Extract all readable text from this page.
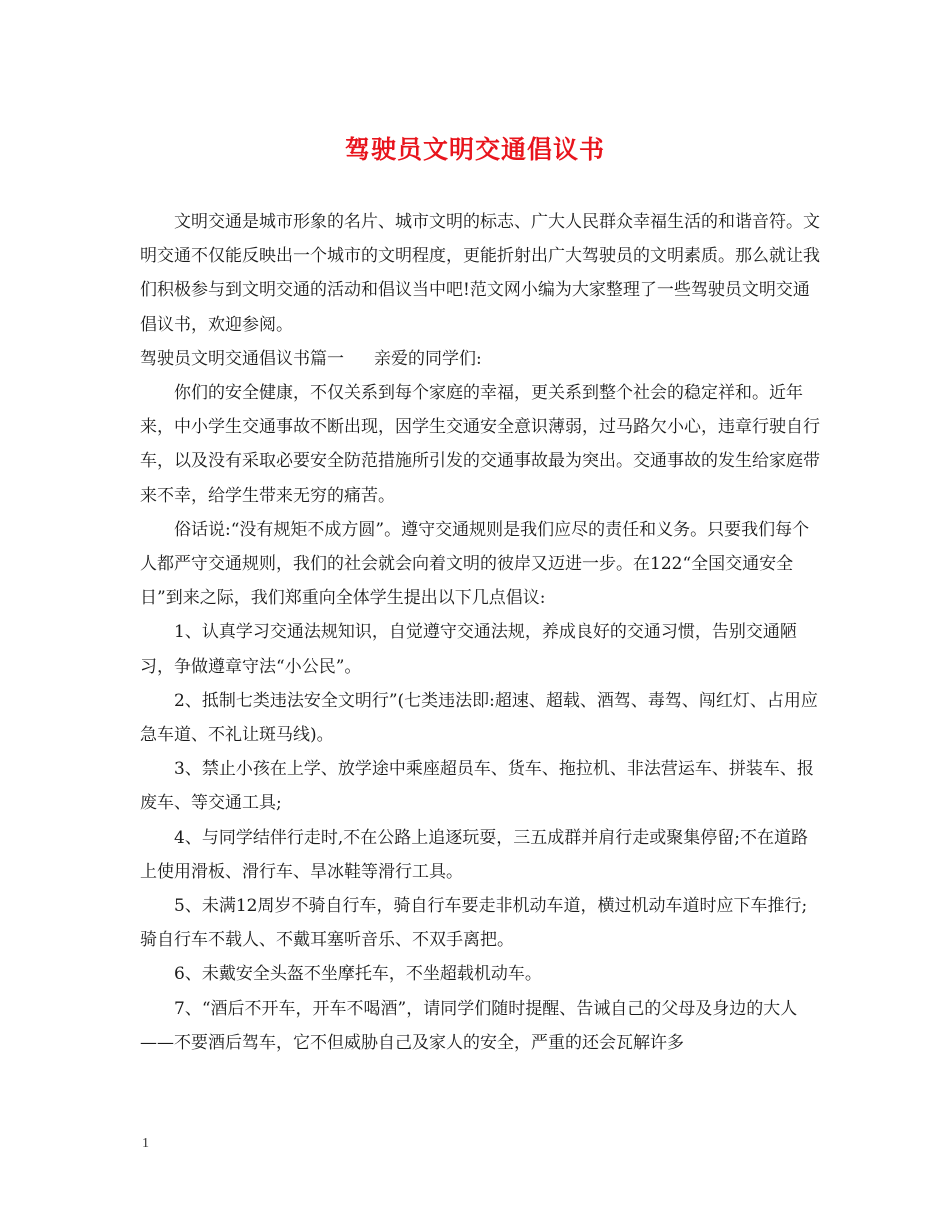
驾驶员文明交通倡议书

文明交通是城市形象的名片、城市文明的标志、广大人民群众幸福生活的和谐音符。文明交通不仅能反映出一个城市的文明程度，更能折射出广大驾驶员的文明素质。那么就让我们积极参与到文明交通的活动和倡议当中吧!范文网小编为大家整理了一些驾驶员文明交通倡议书，欢迎参阅。

驾驶员文明交通倡议书篇一 亲爱的同学们:

你们的安全健康，不仅关系到每个家庭的幸福，更关系到整个社会的稳定祥和。近年来，中小学生交通事故不断出现，因学生交通安全意识薄弱，过马路欠小心，违章行驶自行车，以及没有采取必要安全防范措施所引发的交通事故最为突出。交通事故的发生给家庭带来不幸，给学生带来无穷的痛苦。

俗话说:“没有规矩不成方圆”。遵守交通规则是我们应尽的责任和义务。只要我们每个人都严守交通规则，我们的社会就会向着文明的彼岸又迈进一步。在122“全国交通安全日”到来之际，我们郑重向全体学生提出以下几点倡议:

1、认真学习交通法规知识，自觉遵守交通法规，养成良好的交通习惯，告别交通陋习，争做遵章守法“小公民”。

2、抵制七类违法安全文明行”(七类违法即:超速、超载、酒驾、毒驾、闯红灯、占用应急车道、不礼让斑马线)。

3、禁止小孩在上学、放学途中乘座超员车、货车、拖拉机、非法营运车、拼装车、报废车、等交通工具;

4、与同学结伴行走时,不在公路上追逐玩耍，三五成群并肩行走或聚集停留;不在道路上使用滑板、滑行车、旱冰鞋等滑行工具。

5、未满12周岁不骑自行车，骑自行车要走非机动车道，横过机动车道时应下车推行;骑自行车不载人、不戴耳塞听音乐、不双手离把。

6、未戴安全头盔不坐摩托车，不坐超载机动车。

7、“酒后不开车，开车不喝酒”，请同学们随时提醒、告诫自己的父母及身边的大人——不要酒后驾车，它不但威胁自己及家人的安全，严重的还会瓦解许多

1
